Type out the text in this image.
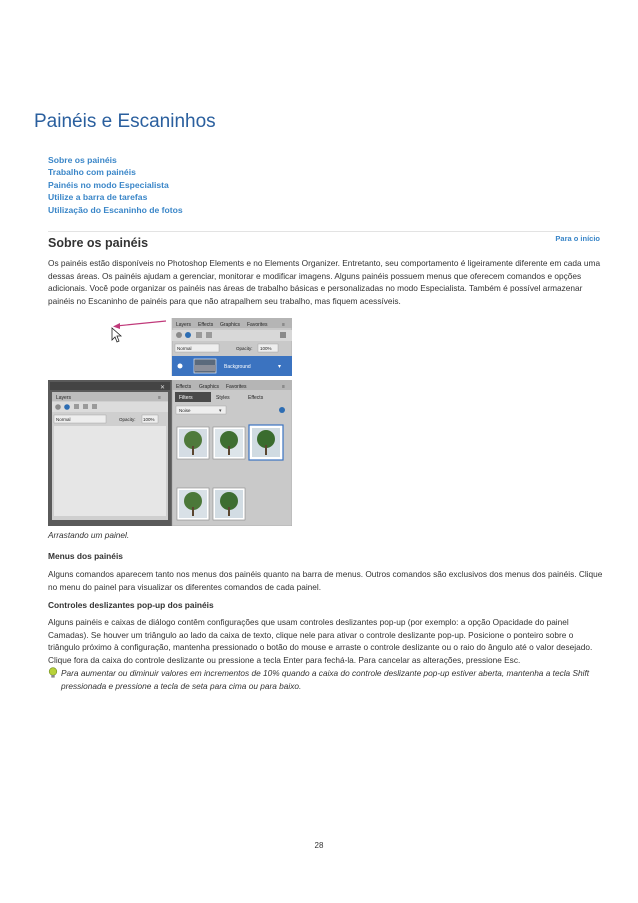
Painéis e Escaninhos
Sobre os painéis
Trabalho com painéis
Painéis no modo Especialista
Utilize a barra de tarefas
Utilização do Escaninho de fotos
Para o início
Sobre os painéis

Os painéis estão disponíveis no Photoshop Elements e no Elements Organizer. Entretanto, seu comportamento é ligeiramente diferente em cada uma dessas áreas. Os painéis ajudam a gerenciar, monitorar e modificar imagens. Alguns painéis possuem menus que oferecem comandos e opções adicionais. Você pode organizar os painéis nas áreas de trabalho básicas e personalizadas no modo Especialista. Também é possível armazenar painéis no Escaninho de painéis para que não atrapalhem seu trabalho, mas fiquem acessíveis.

Layers Effects Graphics Favorites	≡
Normal	Opacity: 100%
Background	▾
✕
Layers	≡
Normal	Opacity: 100%
Effects Graphics Favorites	≡
Filters	Styles	Effects
Noise	▾

Arrastando um painel.

Menus dos painéis

Alguns comandos aparecem tanto nos menus dos painéis quanto na barra de menus. Outros comandos são exclusivos dos menus dos painéis. Clique no menu do painel para visualizar os diferentes comandos de cada painel.

Controles deslizantes pop-up dos painéis

Alguns painéis e caixas de diálogo contêm configurações que usam controles deslizantes pop-up (por exemplo: a opção Opacidade do painel Camadas). Se houver um triângulo ao lado da caixa de texto, clique nele para ativar o controle deslizante pop-up. Posicione o ponteiro sobre o triângulo próximo à configuração, mantenha pressionado o botão do mouse e arraste o controle deslizante ou o raio do ângulo até o valor desejado. Clique fora da caixa do controle deslizante ou pressione a tecla Enter para fechá-la. Para cancelar as alterações, pressione Esc.

Para aumentar ou diminuir valores em incrementos de 10% quando a caixa do controle deslizante pop-up estiver aberta, mantenha a tecla Shift pressionada e pressione a tecla de seta para cima ou para baixo.

28
